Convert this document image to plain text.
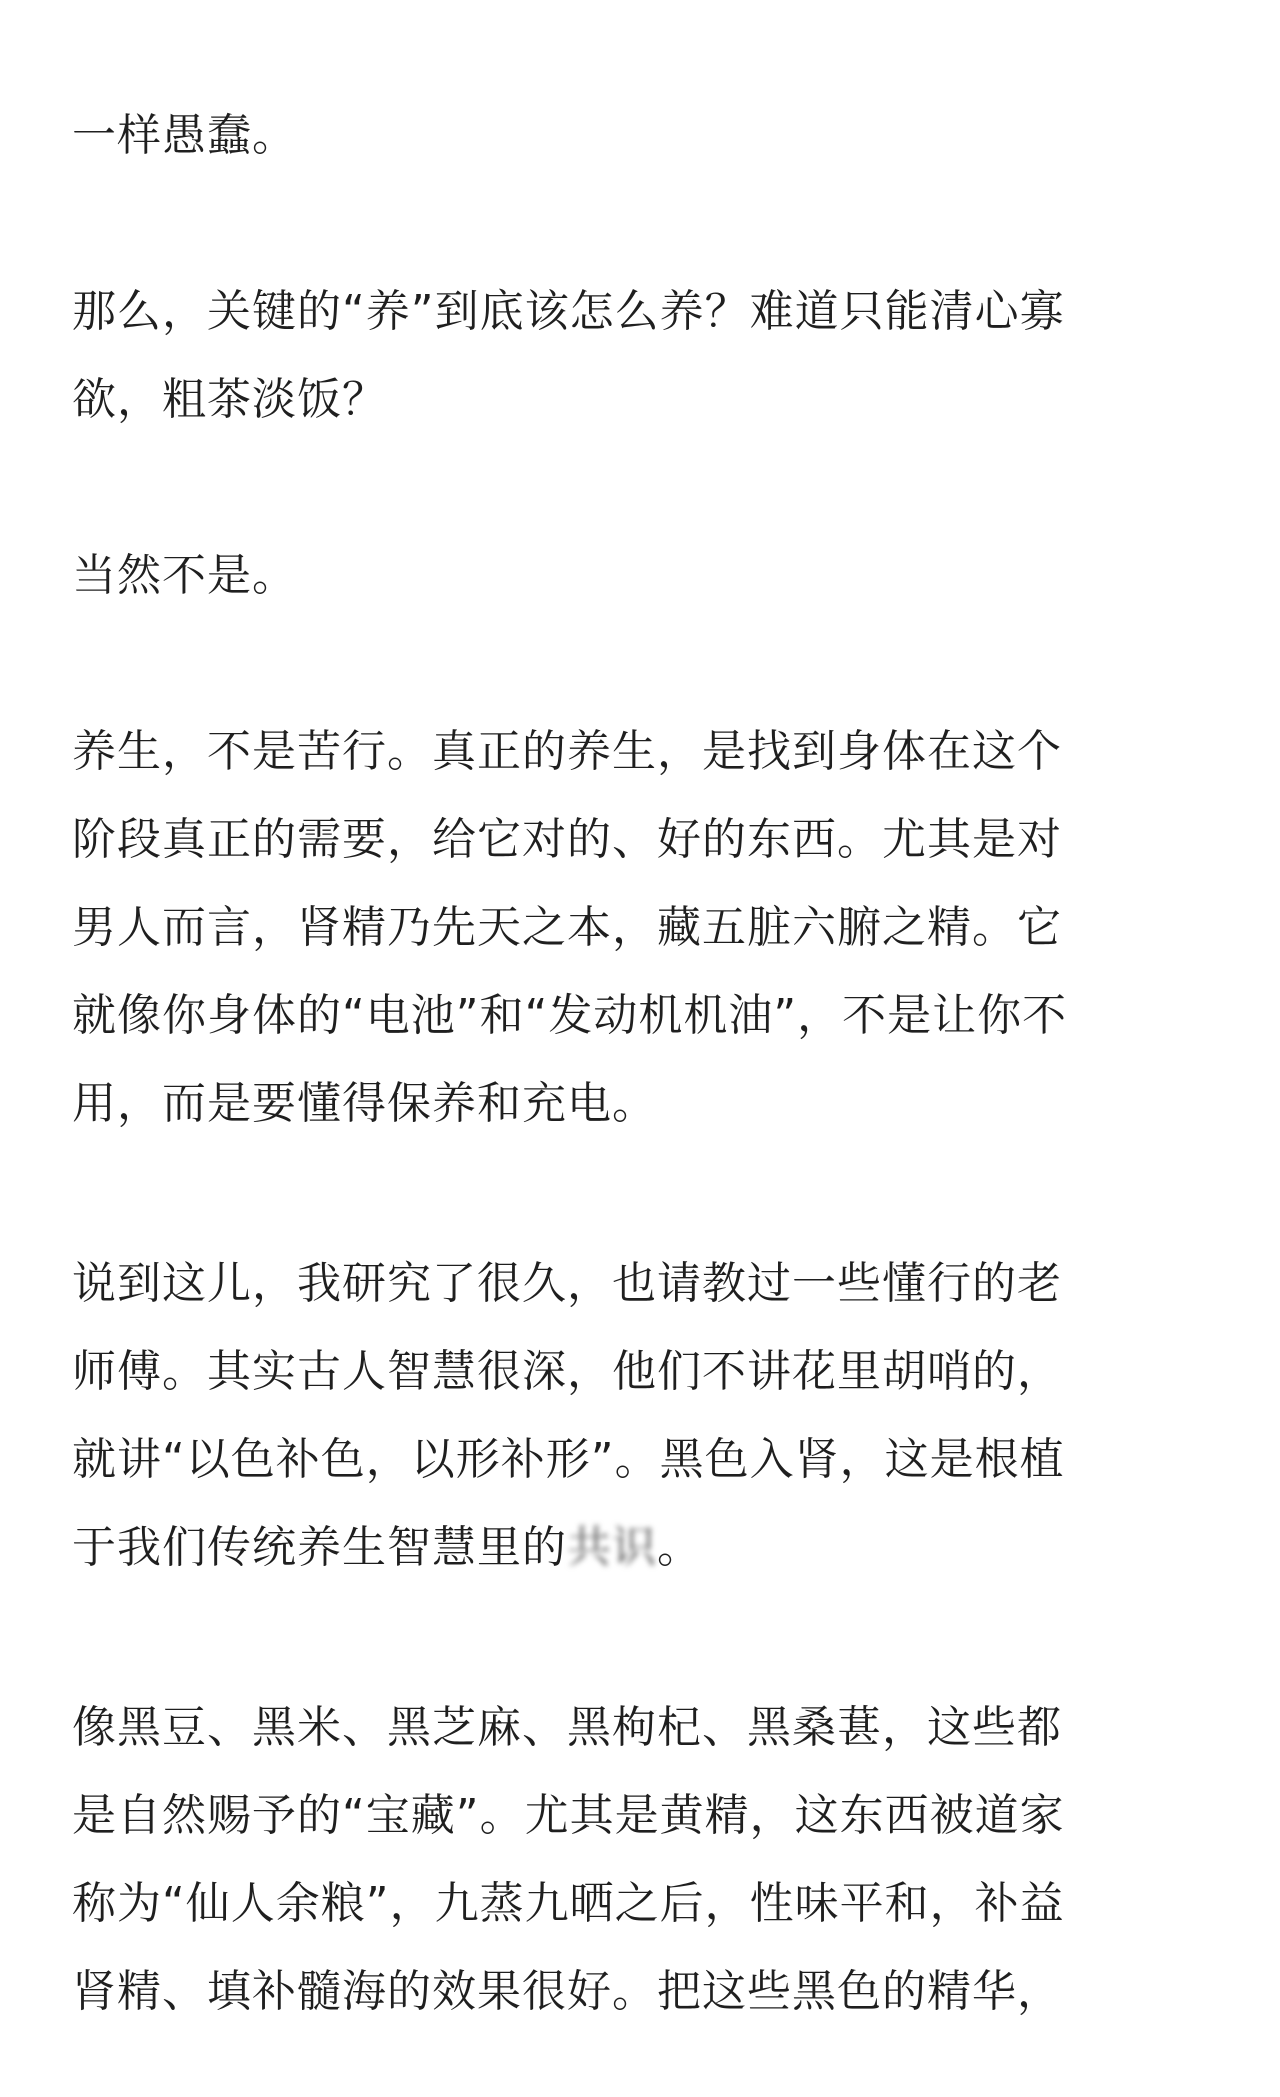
一样愚蠢。

那么，关键的“养”到底该怎么养？难道只能清心寡
欲，粗茶淡饭？

当然不是。

养生，不是苦行。真正的养生，是找到身体在这个
阶段真正的需要，给它对的、好的东西。尤其是对
男人而言，肾精乃先天之本，藏五脏六腑之精。它
就像你身体的“电池”和“发动机机油”，不是让你不
用，而是要懂得保养和充电。

说到这儿，我研究了很久，也请教过一些懂行的老
师傅。其实古人智慧很深，他们不讲花里胡哨的，
就讲“以色补色，以形补形”。黑色入肾，这是根植
于我们传统养生智慧里的共识。

像黑豆、黑米、黑芝麻、黑枸杞、黑桑葚，这些都
是自然赐予的“宝藏”。尤其是黄精，这东西被道家
称为“仙人余粮”，九蒸九晒之后，性味平和，补益
肾精、填补髓海的效果很好。把这些黑色的精华，
